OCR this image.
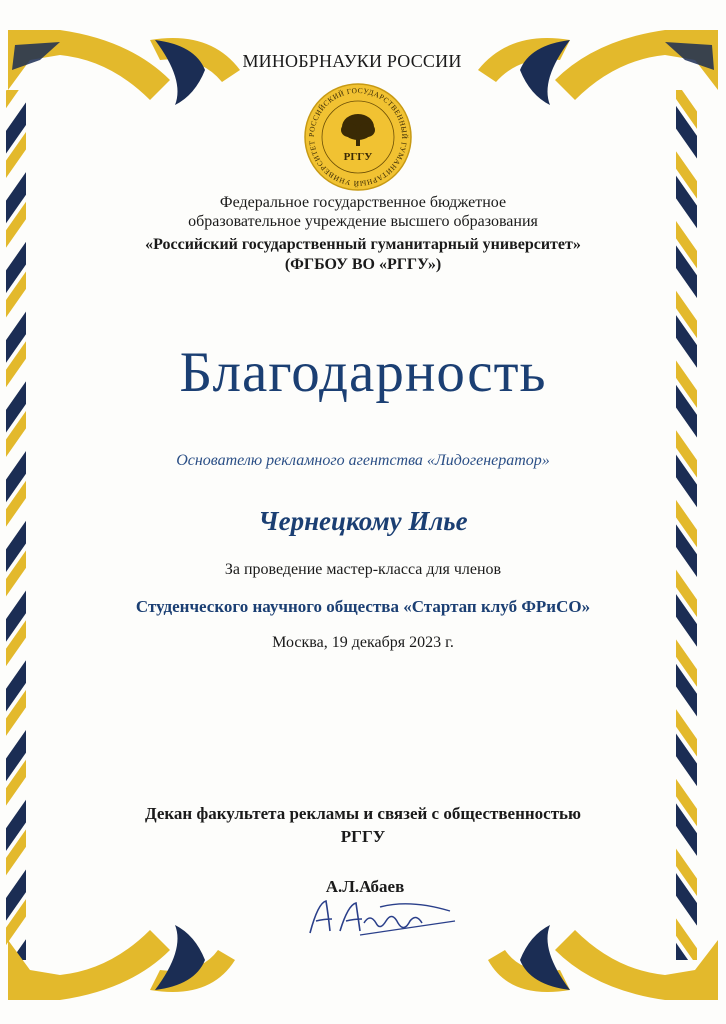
МИНОБРНАУКИ РОССИИ
РОССИЙСКИЙ ГОСУДАРСТВЕННЫЙ ГУМАНИТАРНЫЙ УНИВЕРСИТЕТ
РГГУ
Федеральное государственное бюджетное
образовательное учреждение высшего образования
«Российский государственный гуманитарный университет»
(ФГБОУ ВО «РГГУ»)
Благодарность
Основателю рекламного агентства «Лидогенератор»
Чернецкому Илье
За проведение мастер-класса для членов
Студенческого научного общества «Стартап клуб ФРиСО»
Москва, 19 декабря 2023 г.
Декан факультета рекламы и связей с общественностью
РГГУ
А.Л.Абаев
